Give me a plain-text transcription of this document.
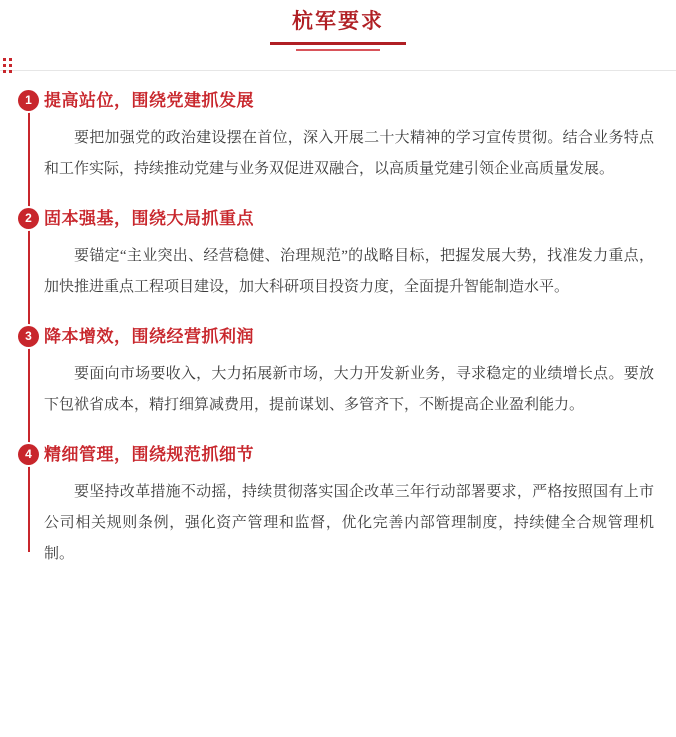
杭军要求
1 提高站位，围绕党建抓发展
要把加强党的政治建设摆在首位，深入开展二十大精神的学习宣传贯彻。结合业务特点和工作实际，持续推动党建与业务双促进双融合，以高质量党建引领企业高质量发展。
2 固本强基，围绕大局抓重点
要锚定“主业突出、经营稳健、治理规范”的战略目标，把握发展大势，找准发力重点，加快推进重点工程项目建设，加大科研项目投资力度，全面提升智能制造水平。
3 降本增效，围绕经营抓利润
要面向市场要收入，大力拓展新市场，大力开发新业务，寻求稳定的业绩增长点。要放下包袱省成本，精打细算减费用，提前谋划、多管齐下，不断提高企业盈利能力。
4 精细管理，围绕规范抓细节
要坚持改革措施不动摇，持续贯彻落实国企改革三年行动部署要求，严格按照国有上市公司相关规则条例，强化资产管理和监督，优化完善内部管理制度，持续健全合规管理机制。
